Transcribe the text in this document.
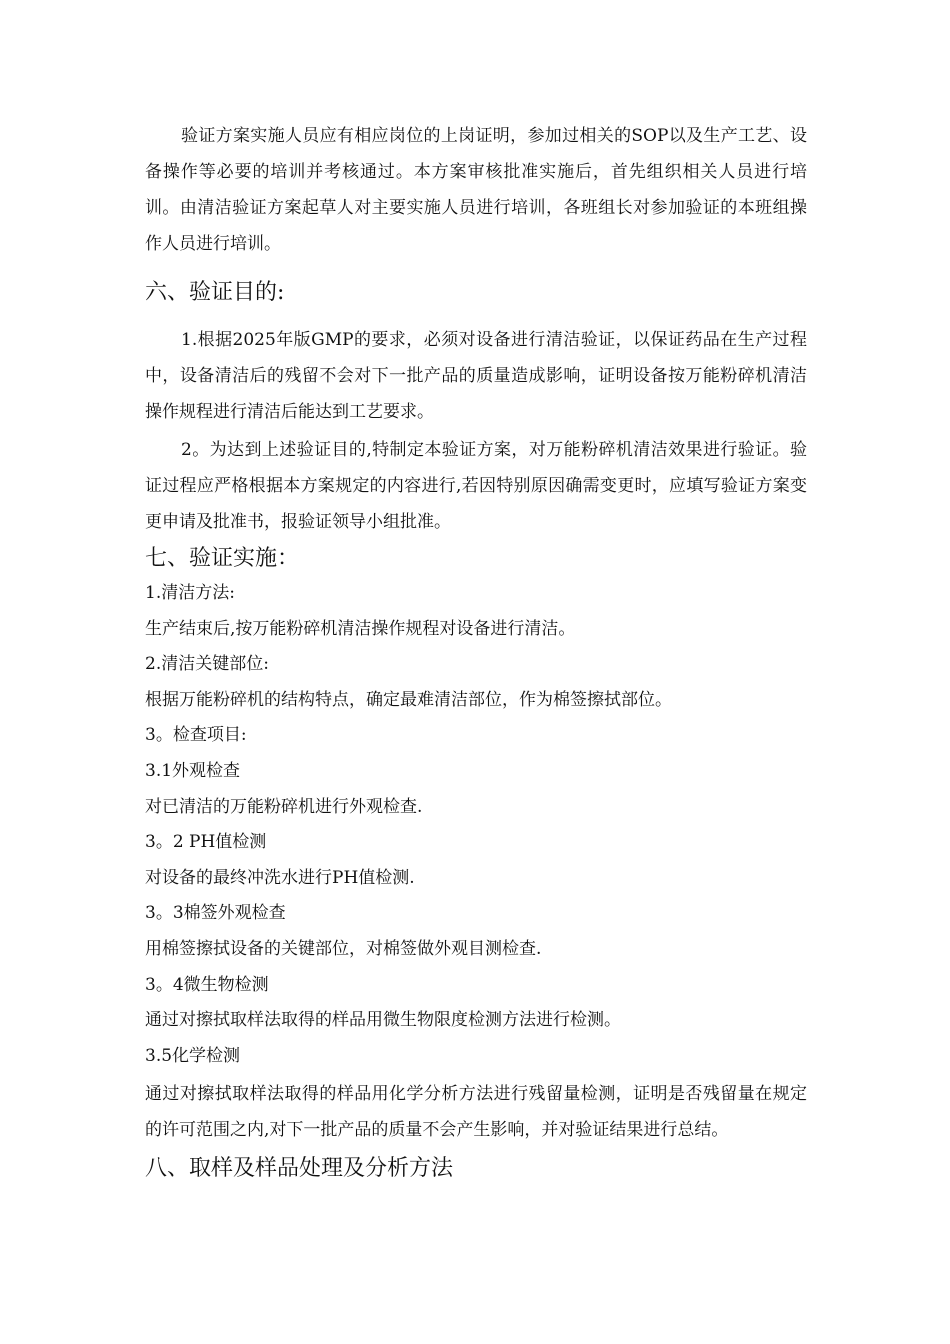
验证方案实施人员应有相应岗位的上岗证明，参加过相关的SOP以及生产工艺、设备操作等必要的培训并考核通过。本方案审核批准实施后，首先组织相关人员进行培训。由清洁验证方案起草人对主要实施人员进行培训，各班组长对参加验证的本班组操作人员进行培训。

六、验证目的:

1.根据2025年版GMP的要求，必须对设备进行清洁验证，以保证药品在生产过程中，设备清洁后的残留不会对下一批产品的质量造成影响，证明设备按万能粉碎机清洁操作规程进行清洁后能达到工艺要求。

2。为达到上述验证目的,特制定本验证方案，对万能粉碎机清洁效果进行验证。验证过程应严格根据本方案规定的内容进行,若因特别原因确需变更时，应填写验证方案变更申请及批准书，报验证领导小组批准。

七、验证实施：

1.清洁方法:

生产结束后,按万能粉碎机清洁操作规程对设备进行清洁。

2.清洁关键部位:

根据万能粉碎机的结构特点，确定最难清洁部位，作为棉签擦拭部位。

3。检查项目:

3.1外观检查

对已清洁的万能粉碎机进行外观检查.

3。2 PH值检测

对设备的最终冲洗水进行PH值检测.

3。3棉签外观检查

用棉签擦拭设备的关键部位，对棉签做外观目测检查.

3。4微生物检测

通过对擦拭取样法取得的样品用微生物限度检测方法进行检测。

3.5化学检测

通过对擦拭取样法取得的样品用化学分析方法进行残留量检测，证明是否残留量在规定的许可范围之内,对下一批产品的质量不会产生影响，并对验证结果进行总结。

八、取样及样品处理及分析方法
